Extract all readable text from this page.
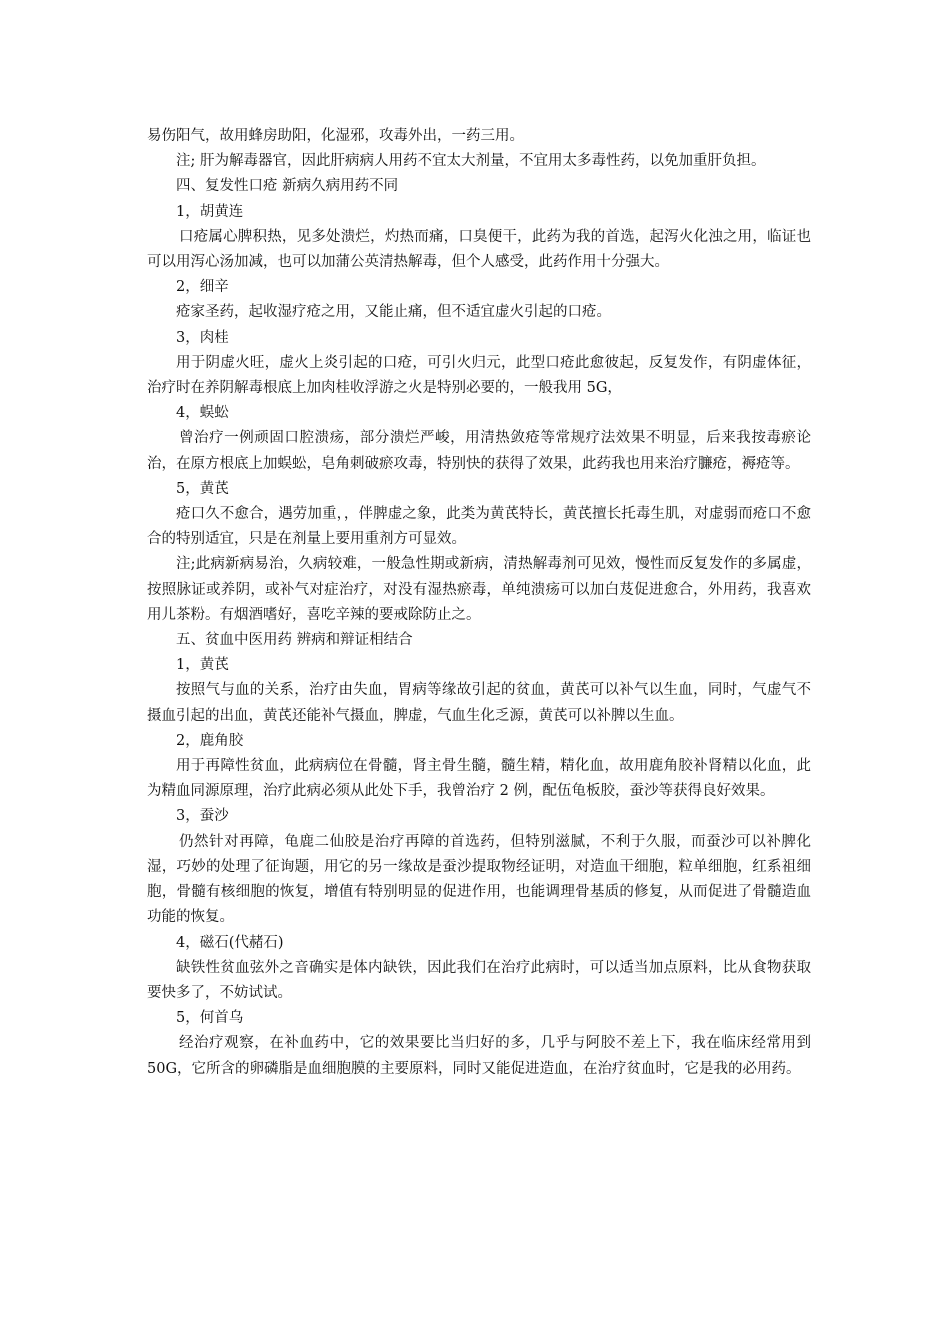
易伤阳气，故用蜂房助阳，化湿邪，攻毒外出，一药三用。

注; 肝为解毒器官，因此肝病病人用药不宜太大剂量，不宜用太多毒性药，以免加重肝负担。

四、复发性口疮 新病久病用药不同

1，胡黄连

口疮属心脾积热，见多处溃烂，灼热而痛，口臭便干，此药为我的首选，起泻火化浊之用，临证也可以用泻心汤加减，也可以加蒲公英清热解毒，但个人感受，此药作用十分强大。

2，细辛

疮家圣药，起收湿疗疮之用，又能止痛，但不适宜虚火引起的口疮。

3，肉桂

用于阴虚火旺，虚火上炎引起的口疮，可引火归元，此型口疮此愈彼起，反复发作，有阴虚体征，治疗时在养阴解毒根底上加肉桂收浮游之火是特别必要的，一般我用 5G，

4，蜈蚣

曾治疗一例顽固口腔溃疡，部分溃烂严峻，用清热敛疮等常规疗法效果不明显，后来我按毒瘀论治，在原方根底上加蜈蚣，皂角刺破瘀攻毒，特别快的获得了效果，此药我也用来治疗臁疮，褥疮等。

5，黄芪

疮口久不愈合，遇劳加重，，伴脾虚之象，此类为黄芪特长，黄芪擅长托毒生肌，对虚弱而疮口不愈合的特别适宜，只是在剂量上要用重剂方可显效。

注;此病新病易治，久病较难，一般急性期或新病，清热解毒剂可见效，慢性而反复发作的多属虚，按照脉证或养阴，或补气对症治疗，对没有湿热瘀毒，单纯溃疡可以加白芨促进愈合，外用药，我喜欢用儿茶粉。有烟酒嗜好，喜吃辛辣的要戒除防止之。

五、贫血中医用药 辨病和辩证相结合

1，黄芪

按照气与血的关系，治疗由失血，胃病等缘故引起的贫血，黄芪可以补气以生血，同时，气虚气不摄血引起的出血，黄芪还能补气摄血，脾虚，气血生化乏源，黄芪可以补脾以生血。

2，鹿角胶

用于再障性贫血，此病病位在骨髓，肾主骨生髓，髓生精，精化血，故用鹿角胶补肾精以化血，此为精血同源原理，治疗此病必须从此处下手，我曾治疗 2 例，配伍龟板胶，蚕沙等获得良好效果。

3，蚕沙

仍然针对再障，龟鹿二仙胶是治疗再障的首选药，但特别滋腻，不利于久服，而蚕沙可以补脾化湿，巧妙的处理了征询题，用它的另一缘故是蚕沙提取物经证明，对造血干细胞，粒单细胞，红系祖细胞，骨髓有核细胞的恢复，增值有特别明显的促进作用，也能调理骨基质的修复，从而促进了骨髓造血功能的恢复。

4，磁石(代赭石)

缺铁性贫血弦外之音确实是体内缺铁，因此我们在治疗此病时，可以适当加点原料，比从食物获取要快多了，不妨试试。

5，何首乌

经治疗观察，在补血药中，它的效果要比当归好的多，几乎与阿胶不差上下，我在临床经常用到 50G，它所含的卵磷脂是血细胞膜的主要原料，同时又能促进造血，在治疗贫血时，它是我的必用药。
